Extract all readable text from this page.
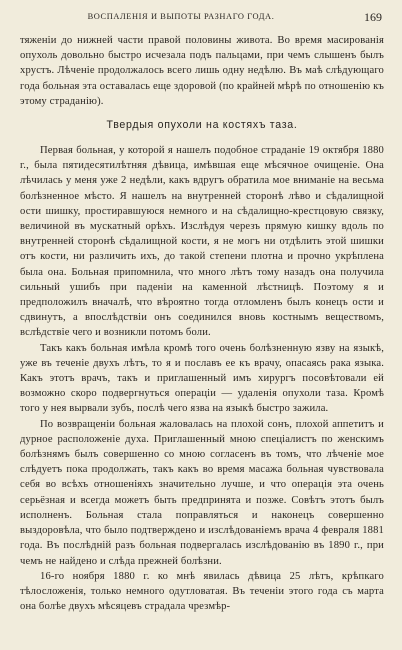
ВОСПАЛЕНІЯ И ВЫПОТЫ РАЗНАГО ГОДА.	169

тяженіи до нижней части правой половины живота. Во время масированія опухоль довольно быстро исчезала подъ пальцами, при чемъ слышенъ былъ хрустъ. Лѣченіе продолжалось всего лишь одну недѣлю. Въ маѣ слѣдующаго года больная эта оставалась еще здоровой (по крайней мѣрѣ по отношенію къ этому страданію).

Твердыя опухоли на костяхъ таза.

Первая больная, у которой я нашелъ подобное страданіе 19 октября 1880 г., была пятидесятилѣтняя дѣвица, имѣвшая еще мѣсячное очищеніе. Она лѣчилась у меня уже 2 недѣли, какъ вдругъ обратила мое вниманіе на весьма болѣзненное мѣсто. Я нашелъ на внутренней сторонѣ лѣво и сѣдалищной ости шишку, простиравшуюся немного и на сѣдалищно-крестцовую связку, величиной въ мускатный орѣхъ. Изслѣдуя черезъ прямую кишку вдоль по внутренней сторонѣ сѣдалищной кости, я не могъ ни отдѣлить этой шишки отъ кости, ни различить ихъ, до такой степени плотна и прочно укрѣплена была она. Больная припомнила, что много лѣтъ тому назадъ она получила сильный ушибъ при паденіи на каменной лѣстницѣ. Поэтому я и предположилъ вначалѣ, что вѣроятно тогда отломленъ былъ конецъ ости и сдвинутъ, а впослѣдствіи онъ соединился вновь костнымъ веществомъ, вслѣдствіе чего и возникли потомъ боли.

Такъ какъ больная имѣла кромѣ того очень болѣзненную язву на языкѣ, уже въ теченіе двухъ лѣтъ, то я и пославъ ее къ врачу, опасаясь рака языка. Какъ этотъ врачъ, такъ и приглашенный имъ хирургъ посовѣтовали ей возможно скоро подвергнуться операціи — удаленія опухоли таза. Кромѣ того у нея вырвали зубъ, послѣ чего язва на языкѣ быстро зажила.

По возвращеніи больная жаловалась на плохой сонъ, плохой аппетитъ и дурное расположеніе духа. Приглашенный мною спеціалистъ по женскимъ болѣзнямъ былъ совершенно со мною согласенъ въ томъ, что лѣченіе мое слѣдуетъ пока продолжать, такъ какъ во время масажа больная чувствовала себя во всѣхъ отношеніяхъ значительно лучше, и что операція эта очень серьёзная и всегда можетъ быть предпринята и позже. Совѣтъ этотъ былъ исполненъ. Больная стала поправляться и наконецъ совершенно выздоровѣла, что было подтверждено и изслѣдованіемъ врача 4 февраля 1881 года. Въ послѣдній разъ больная подвергалась изслѣдованію въ 1890 г., при чемъ не найдено и слѣда прежней болѣзни.

16-го ноября 1880 г. ко мнѣ явилась дѣвица 25 лѣтъ, крѣпкаго тѣлосложенія, только немного одутловатая. Въ теченіи этого года съ марта она болѣе двухъ мѣсяцевъ страдала чрезмѣр-
